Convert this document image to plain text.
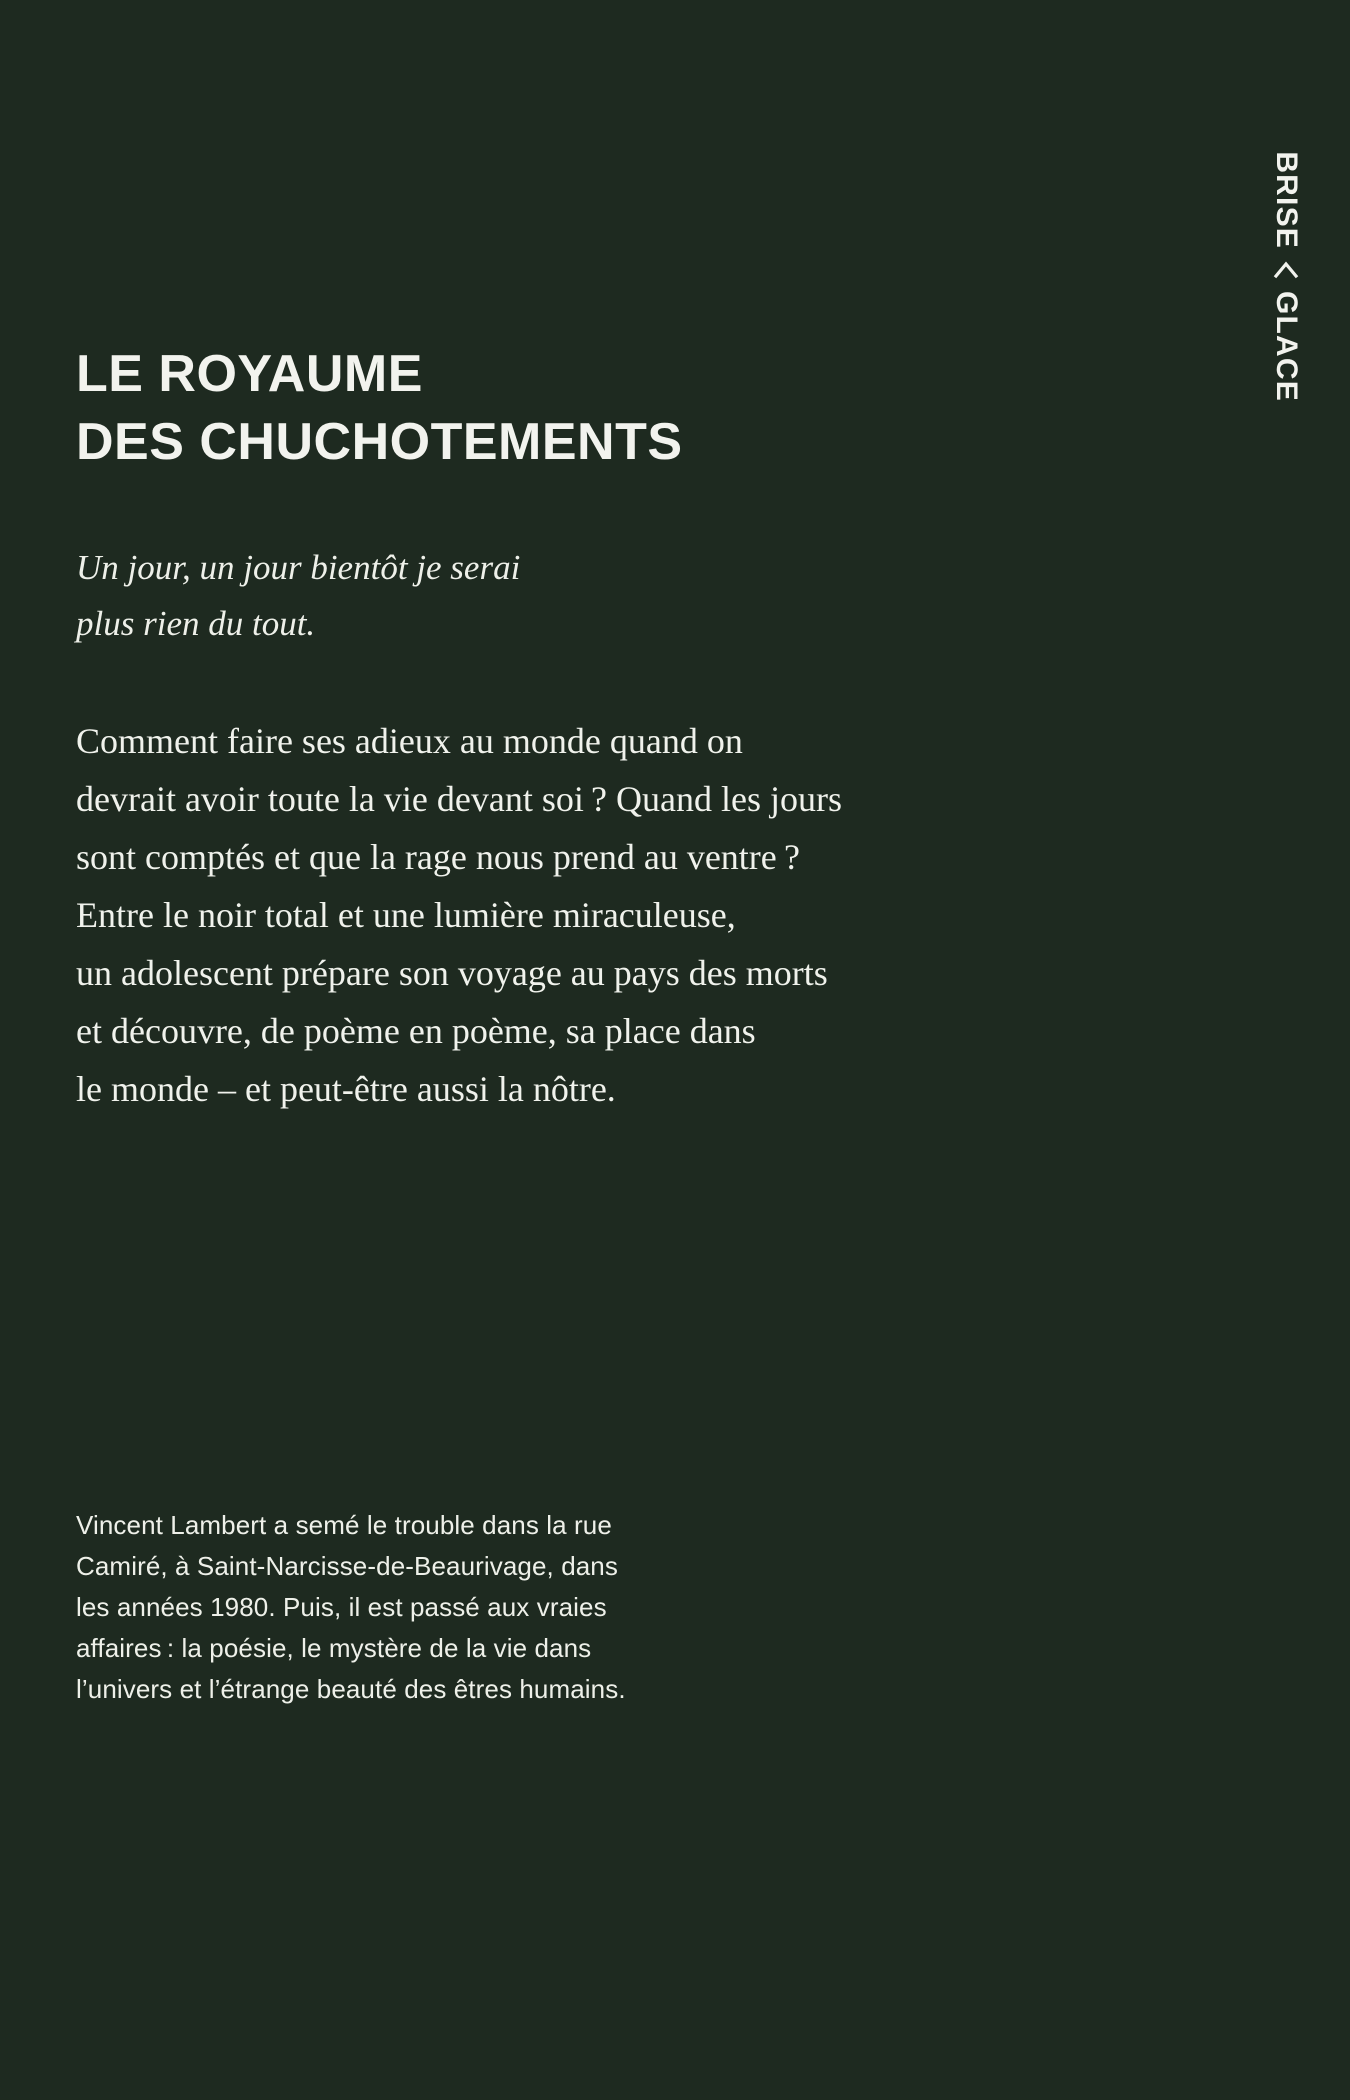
GLACE
BRISE
LE ROYAUME
DES CHUCHOTEMENTS
Un jour, un jour bientôt je serai
plus rien du tout.
Comment faire ses adieux au monde quand on
devrait avoir toute la vie devant soi ? Quand les jours
sont comptés et que la rage nous prend au ventre ?
Entre le noir total et une lumière miraculeuse,
un adolescent prépare son voyage au pays des morts
et découvre, de poème en poème, sa place dans
le monde – et peut-être aussi la nôtre.
Vincent Lambert a semé le trouble dans la rue
Camiré, à Saint-Narcisse-de-Beaurivage, dans
les années 1980. Puis, il est passé aux vraies
affaires : la poésie, le mystère de la vie dans
l’univers et l’étrange beauté des êtres humains.
